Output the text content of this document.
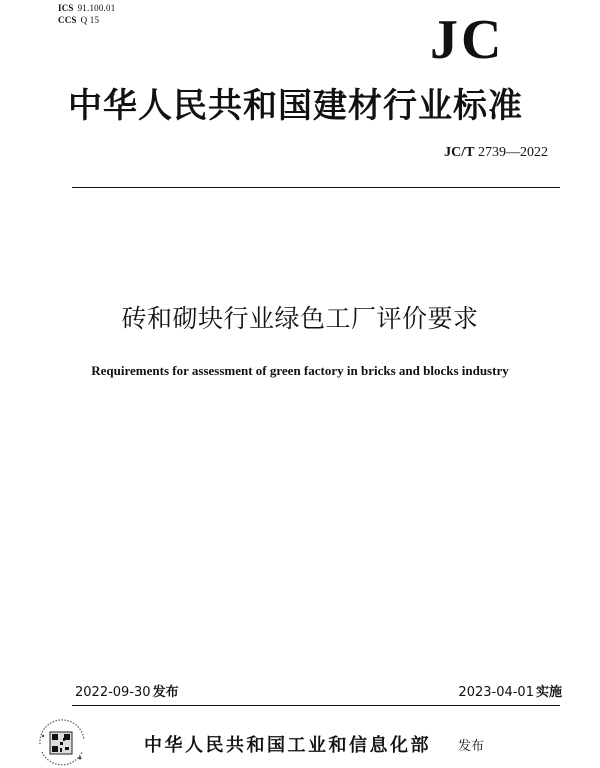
ICS 91.100.01
CCS Q 15	JC
中华人民共和国建材行业标准
JC/T 2739—2022
砖和砌块行业绿色工厂评价要求
Requirements for assessment of green factory in bricks and blocks industry
2022-09-30 发布	2023-04-01 实施
中华人民共和国工业和信息化部 发布
